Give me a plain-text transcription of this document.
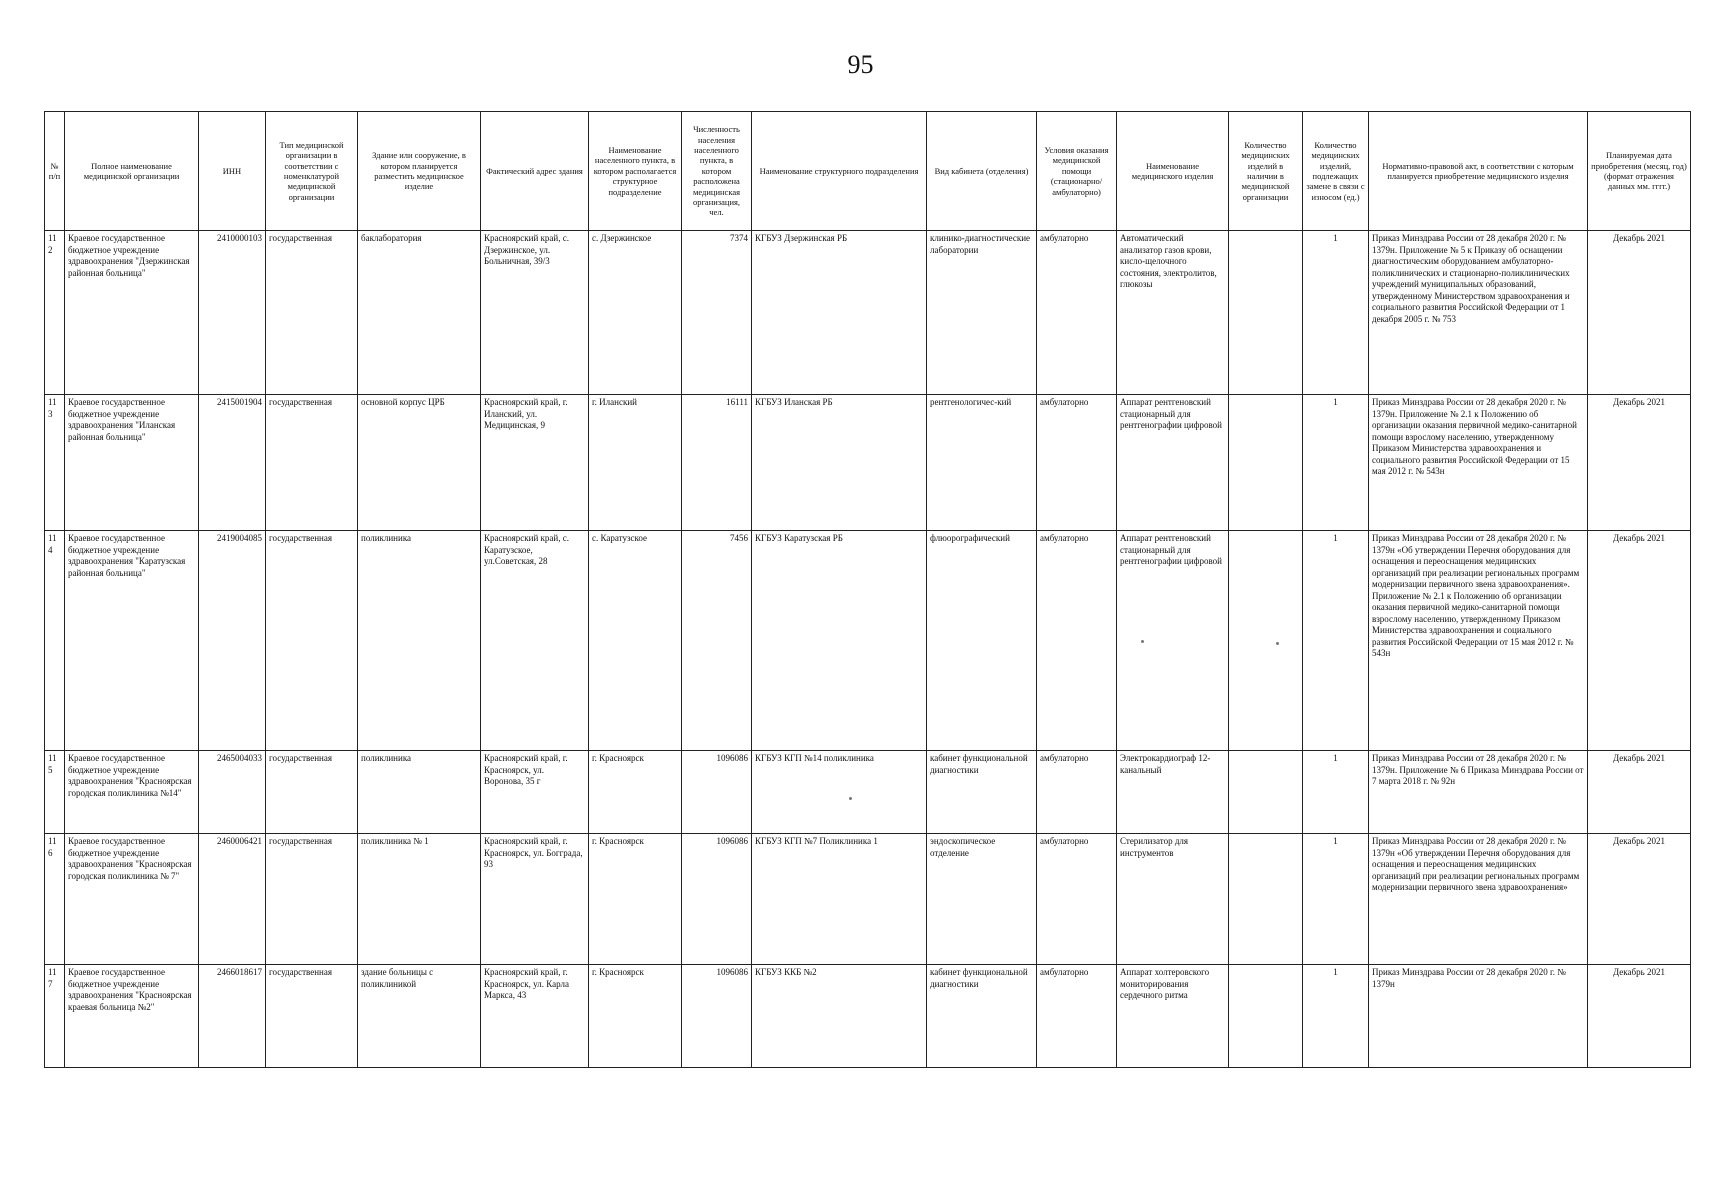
95
№ п/п	Полное наименование медицинской организации	ИНН	Тип медицинской организации в соответствии с номенклатурой медицинской организации	Здание или сооружение, в котором планируется разместить медицинское изделие	Фактический адрес здания	Наименование населенного пункта, в котором располагается структурное подразделение	Численность населения населенного пункта, в котором расположена медицинская организация, чел.	Наименование структурного подразделения	Вид кабинета (отделения)	Условия оказания медицинской помощи (стационарно/ амбулаторно)	Наименование медицинского изделия	Количество медицинских изделий в наличии в медицинской организации	Количество медицинских изделий, подлежащих замене в связи с износом (ед.)	Нормативно-правовой акт, в соответствии с которым планируется приобретение медицинского изделия	Планируемая дата приобретения (месяц, год) (формат отражения данных мм. гггг.)
112	Краевое государственное бюджетное учреждение здравоохранения "Дзержинская районная больница"	2410000103	государственная	баклаборатория	Красноярский край, с. Дзержинское, ул. Больничная, 39/3	с. Дзержинское	7374	КГБУЗ Дзержинская РБ	клинико-диагностические лаборатории	амбулаторно	Автоматический анализатор газов крови, кисло-щелочного состояния, электролитов, глюкозы		1	Приказ Минздрава России от 28 декабря 2020 г. № 1379н. Приложение № 5 к Приказу об оснащении диагностическим оборудованием амбулаторно-поликлинических и стационарно-поликлинических учреждений муниципальных образований, утвержденному Министерством здравоохранения и социального развития Российской Федерации от 1 декабря 2005 г. № 753	Декабрь 2021
113	Краевое государственное бюджетное учреждение здравоохранения "Иланская районная больница"	2415001904	государственная	основной корпус ЦРБ	Красноярский край, г. Иланский, ул. Медицинская, 9	г. Иланский	16111	КГБУЗ Иланская РБ	рентгенологичес-кий	амбулаторно	Аппарат рентгеновский стационарный для рентгенографии цифровой		1	Приказ Минздрава России от 28 декабря 2020 г. № 1379н. Приложение № 2.1 к Положению об организации оказания первичной медико-санитарной помощи взрослому населению, утвержденному Приказом Министерства здравоохранения и социального развития Российской Федерации от 15 мая 2012 г. № 543н	Декабрь 2021
114	Краевое государственное бюджетное учреждение здравоохранения "Каратузская районная больница"	2419004085	государственная	поликлиника	Красноярский край, с. Каратузское, ул.Советская, 28	с. Каратузское	7456	КГБУЗ Каратузская РБ	флюорографический	амбулаторно	Аппарат рентгеновский стационарный для рентгенографии цифровой		1	Приказ Минздрава России от 28 декабря 2020 г. № 1379н «Об утверждении Перечня оборудования для оснащения и переоснащения медицинских организаций при реализации региональных программ модернизации первичного звена здравоохранения». Приложение № 2.1 к Положению об организации оказания первичной медико-санитарной помощи взрослому населению, утвержденному Приказом Министерства здравоохранения и социального развития Российской Федерации от 15 мая 2012 г. № 543н	Декабрь 2021
115	Краевое государственное бюджетное учреждение здравоохранения "Красноярская городская поликлиника №14"	2465004033	государственная	поликлиника	Красноярский край, г. Красноярск, ул. Воронова, 35 г	г. Красноярск	1096086	КГБУЗ КГП №14 поликлиника	кабинет функциональной диагностики	амбулаторно	Электрокардиограф 12-канальный		1	Приказ Минздрава России от 28 декабря 2020 г. № 1379н. Приложение № 6 Приказа Минздрава России от 7 марта 2018 г. № 92н	Декабрь 2021
116	Краевое государственное бюджетное учреждение здравоохранения "Красноярская городская поликлиника № 7"	2460006421	государственная	поликлиника № 1	Красноярский край, г. Красноярск, ул. Богграда, 93	г. Красноярск	1096086	КГБУЗ КГП №7 Поликлиника 1	эндоскопическое отделение	амбулаторно	Стерилизатор для инструментов		1	Приказ Минздрава России от 28 декабря 2020 г. № 1379н «Об утверждении Перечня оборудования для оснащения и переоснащения медицинских организаций при реализации региональных программ модернизации первичного звена здравоохранения»	Декабрь 2021
117	Краевое государственное бюджетное учреждение здравоохранения "Красноярская краевая больница №2"	2466018617	государственная	здание больницы с поликлиникой	Красноярский край, г. Красноярск, ул. Карла Маркса, 43	г. Красноярск	1096086	КГБУЗ ККБ №2	кабинет функциональной диагностики	амбулаторно	Аппарат холтеровского мониторирования сердечного ритма		1	Приказ Минздрава России от 28 декабря 2020 г. № 1379н	Декабрь 2021
